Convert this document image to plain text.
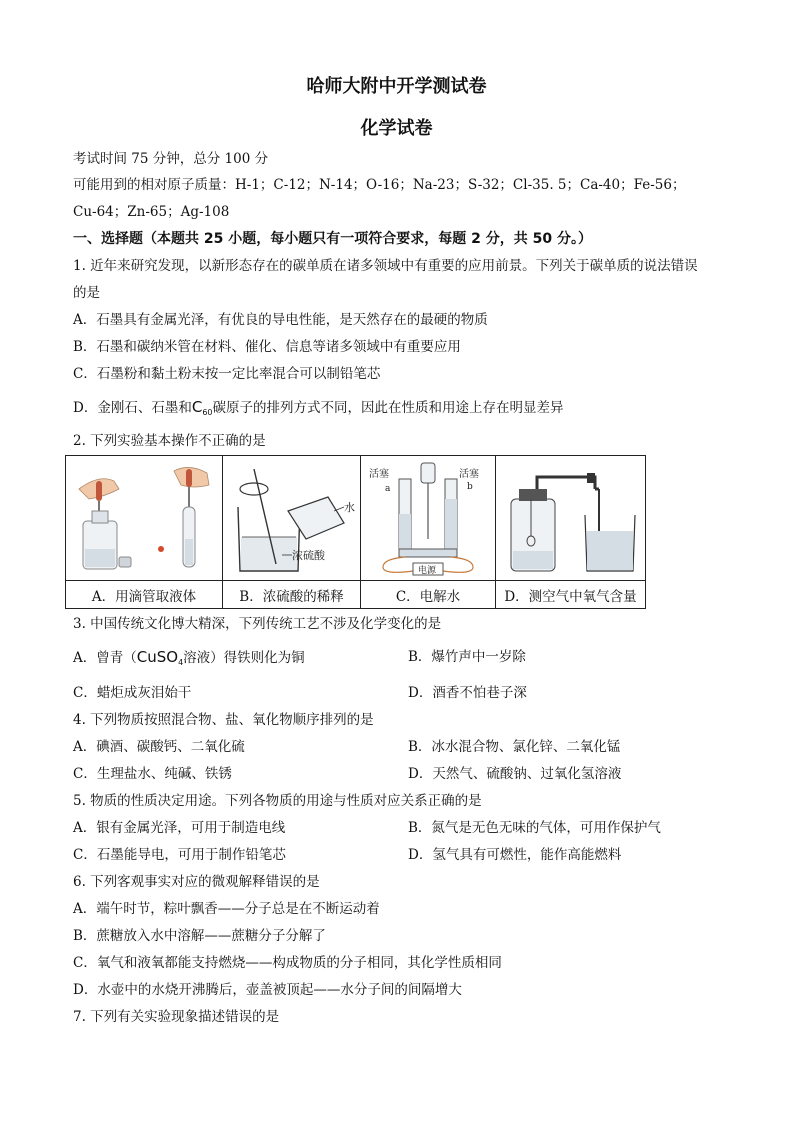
哈师大附中开学测试卷
化学试卷
考试时间 75 分钟，总分 100 分
可能用到的相对原子质量：H-1；C-12；N-14；O-16；Na-23；S-32；Cl-35. 5；Ca-40；Fe-56；
Cu-64；Zn-65；Ag-108
一、选择题（本题共 25 小题，每小题只有一项符合要求，每题 2 分，共 50 分。）
1. 近年来研究发现，以新形态存在的碳单质在诸多领域中有重要的应用前景。下列关于碳单质的说法错误
的是
A．石墨具有金属光泽，有优良的导电性能，是天然存在的最硬的物质
B．石墨和碳纳米管在材料、催化、信息等诸多领域中有重要应用
C．石墨粉和黏土粉末按一定比率混合可以制铅笔芯
D．金刚石、石墨和$C_{60}$碳原子的排列方式不同，因此在性质和用途上存在明显差异
2. 下列实验基本操作不正确的是

水
浓硫酸	活塞 活塞
a b
电源

A．用滴管取液体	B．浓硫酸的稀释	C．电解水	D．测空气中氧气含量
3. 中国传统文化博大精深，下列传统工艺不涉及化学变化的是
A．曾青（CuSO$_4$溶液）得铁则化为铜	B．爆竹声中一岁除
C．蜡炬成灰泪始干	D．酒香不怕巷子深
4. 下列物质按照混合物、盐、氧化物顺序排列的是
A．碘酒、碳酸钙、二氧化硫	B．冰水混合物、氯化锌、二氧化锰
C．生理盐水、纯碱、铁锈	D．天然气、硫酸钠、过氧化氢溶液
5. 物质的性质决定用途。下列各物质的用途与性质对应关系正确的是
A．银有金属光泽，可用于制造电线	B．氮气是无色无味的气体，可用作保护气
C．石墨能导电，可用于制作铅笔芯	D．氢气具有可燃性，能作高能燃料
6. 下列客观事实对应的微观解释错误的是
A．端午时节，粽叶飘香——分子总是在不断运动着
B．蔗糖放入水中溶解——蔗糖分子分解了
C．氧气和液氧都能支持燃烧——构成物质的分子相同，其化学性质相同
D．水壶中的水烧开沸腾后，壶盖被顶起——水分子间的间隔增大
7. 下列有关实验现象描述错误的是
